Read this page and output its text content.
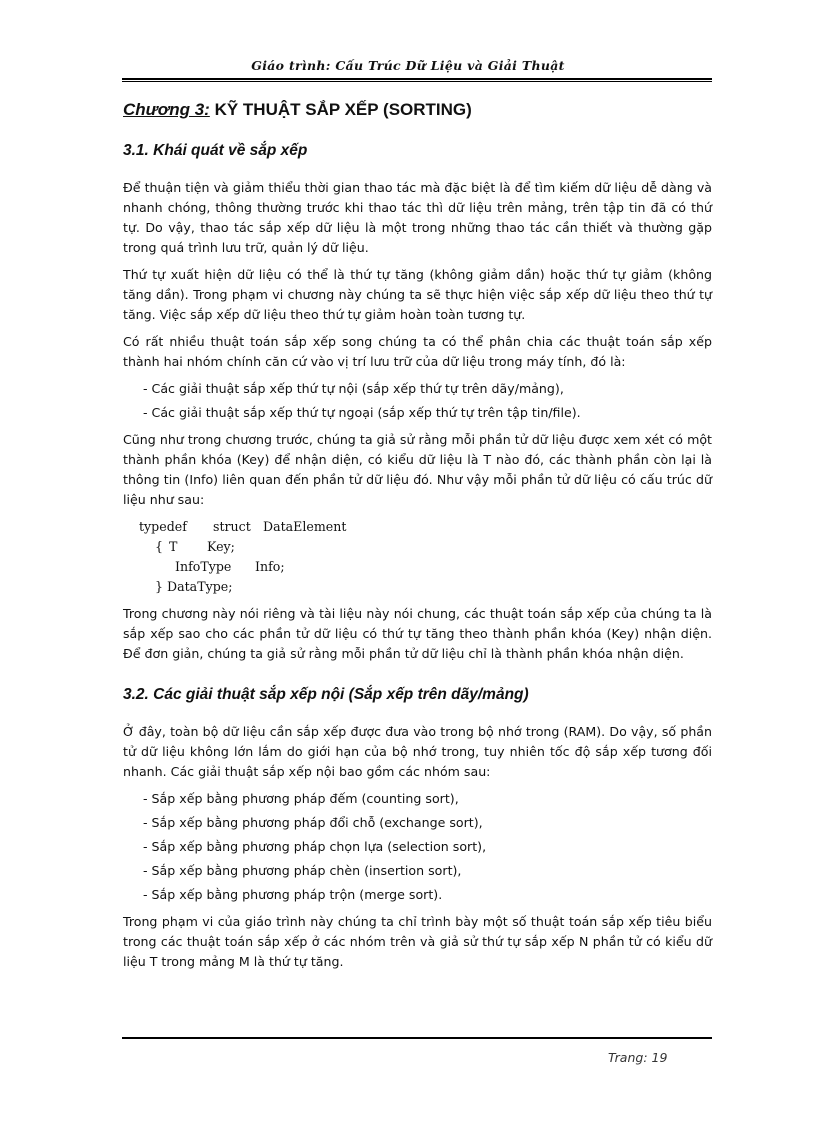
Giáo trình: Cấu Trúc Dữ Liệu và Giải Thuật
Chương 3: KỸ THUẬT SẮP XẾP (SORTING)
3.1. Khái quát về sắp xếp

Để thuận tiện và giảm thiểu thời gian thao tác mà đặc biệt là để tìm kiếm dữ liệu dễ dàng và nhanh chóng, thông thường trước khi thao tác thì dữ liệu trên mảng, trên tập tin đã có thứ tự. Do vậy, thao tác sắp xếp dữ liệu là một trong những thao tác cần thiết và thường gặp trong quá trình lưu trữ, quản lý dữ liệu.

Thứ tự xuất hiện dữ liệu có thể là thứ tự tăng (không giảm dần) hoặc thứ tự giảm (không tăng dần). Trong phạm vi chương này chúng ta sẽ thực hiện việc sắp xếp dữ liệu theo thứ tự tăng. Việc sắp xếp dữ liệu theo thứ tự giảm hoàn toàn tương tự.

Có rất nhiều thuật toán sắp xếp song chúng ta có thể phân chia các thuật toán sắp xếp thành hai nhóm chính căn cứ vào vị trí lưu trữ của dữ liệu trong máy tính, đó là:

- Các giải thuật sắp xếp thứ tự nội (sắp xếp thứ tự trên dãy/mảng),
- Các giải thuật sắp xếp thứ tự ngoại (sắp xếp thứ tự trên tập tin/file).

Cũng như trong chương trước, chúng ta giả sử rằng mỗi phần tử dữ liệu được xem xét có một thành phần khóa (Key) để nhận diện, có kiểu dữ liệu là T nào đó, các thành phần còn lại là thông tin (Info) liên quan đến phần tử dữ liệu đó. Như vậy mỗi phần tử dữ liệu có cấu trúc dữ liệu như sau:

typedef	struct DataElement
{ T	Key;
InfoType	Info;
} DataType;

Trong chương này nói riêng và tài liệu này nói chung, các thuật toán sắp xếp của chúng ta là sắp xếp sao cho các phần tử dữ liệu có thứ tự tăng theo thành phần khóa (Key) nhận diện. Để đơn giản, chúng ta giả sử rằng mỗi phần tử dữ liệu chỉ là thành phần khóa nhận diện.

3.2. Các giải thuật sắp xếp nội (Sắp xếp trên dãy/mảng)

Ở đây, toàn bộ dữ liệu cần sắp xếp được đưa vào trong bộ nhớ trong (RAM). Do vậy, số phần tử dữ liệu không lớn lắm do giới hạn của bộ nhớ trong, tuy nhiên tốc độ sắp xếp tương đối nhanh. Các giải thuật sắp xếp nội bao gồm các nhóm sau:

- Sắp xếp bằng phương pháp đếm (counting sort),
- Sắp xếp bằng phương pháp đổi chỗ (exchange sort),
- Sắp xếp bằng phương pháp chọn lựa (selection sort),
- Sắp xếp bằng phương pháp chèn (insertion sort),
- Sắp xếp bằng phương pháp trộn (merge sort).

Trong phạm vi của giáo trình này chúng ta chỉ trình bày một số thuật toán sắp xếp tiêu biểu trong các thuật toán sắp xếp ở các nhóm trên và giả sử thứ tự sắp xếp N phần tử có kiểu dữ liệu T trong mảng M là thứ tự tăng.

Trang: 19
